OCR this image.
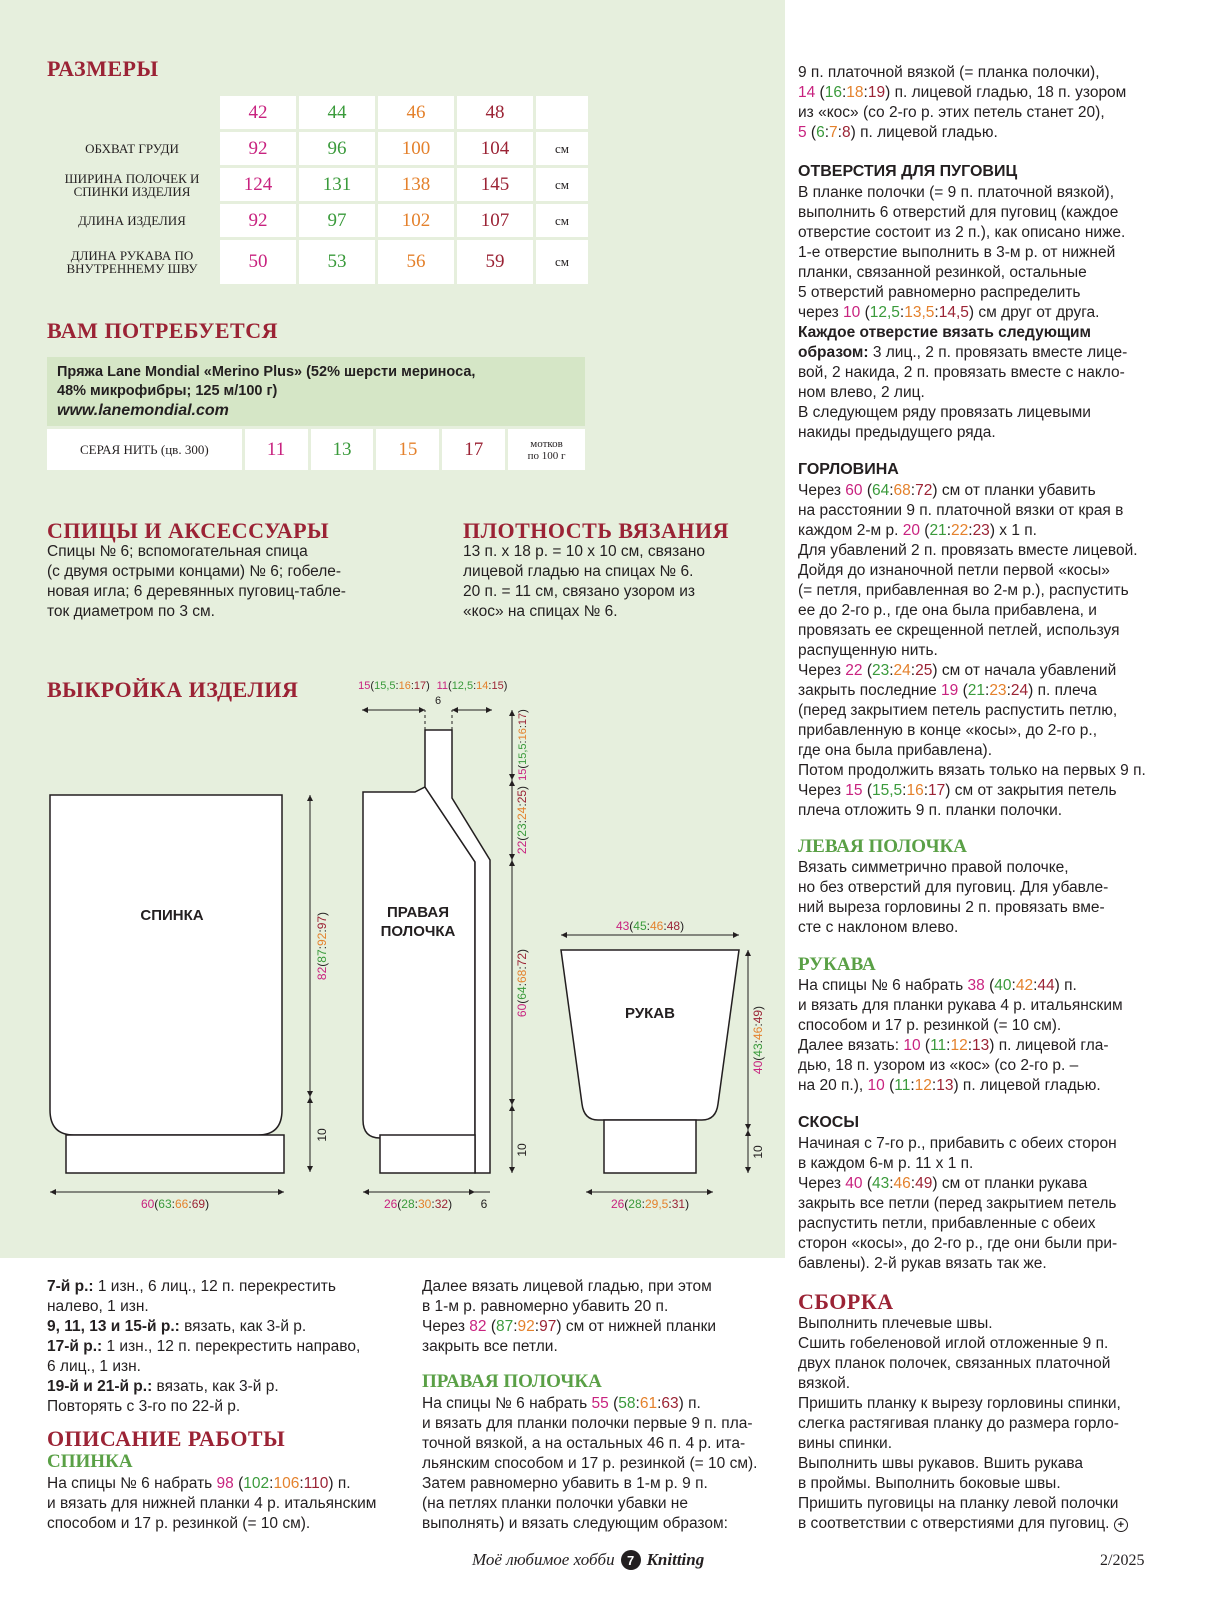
РАЗМЕРЫ
	42	44	46	48	
ОБХВАТ ГРУДИ	92	96	100	104	см
ШИРИНА ПОЛОЧЕК И СПИНКИ ИЗДЕЛИЯ	124	131	138	145	см
ДЛИНА ИЗДЕЛИЯ	92	97	102	107	см
ДЛИНА РУКАВА ПО ВНУТРЕННЕМУ ШВУ	50	53	56	59	см
ВАМ ПОТРЕБУЕТСЯ
Пряжа Lane Mondial «Merino Plus» (52% шерсти мериноса,
48% микрофибры; 125 м/100 г)
www.lanemondial.com
СЕРАЯ НИТЬ (цв. 300)	11	13	15	17	мотков
по 100 г
СПИЦЫ И АКСЕССУАРЫ
Спицы № 6; вспомогательная спица
(с двумя острыми концами) № 6; гобеле-
новая игла; 6 деревянных пуговиц-табле-
ток диаметром по 3 см.
ПЛОТНОСТЬ ВЯЗАНИЯ
13 п. х 18 р. = 10 х 10 см, связано
лицевой гладью на спицах № 6.
20 п. = 11 см, связано узором из
«кос» на спицах № 6.
ВЫКРОЙКА ИЗДЕЛИЯ
СПИНКА	ПРАВАЯ
ПОЛОЧКА
РУКАВ
60(63:66:69)
82(87:92:97)
10
26(28:30:32) 6
60(64:68:72)
22(23:24:25)
15(15,5:16:17)
10
15(15,5:16:17)
6
11(12,5:14:15)
43(45:46:48)
40(43:46:49)
10
26(28:29,5:31)
7-й р.: 1 изн., 6 лиц., 12 п. перекрестить
налево, 1 изн.
9, 11, 13 и 15-й р.: вязать, как 3-й р.
17-й р.: 1 изн., 12 п. перекрестить направо,
6 лиц., 1 изн.
19-й и 21-й р.: вязать, как 3-й р.
Повторять с 3-го по 22-й р.
ОПИСАНИЕ РАБОТЫ
СПИНКА
На спицы № 6 набрать 98 (102:106:110) п.
и вязать для нижней планки 4 р. итальянским
способом и 17 р. резинкой (= 10 см).
Далее вязать лицевой гладью, при этом
в 1-м р. равномерно убавить 20 п.
Через 82 (87:92:97) см от нижней планки
закрыть все петли.
ПРАВАЯ ПОЛОЧКА
На спицы № 6 набрать 55 (58:61:63) п.
и вязать для планки полочки первые 9 п. пла-
точной вязкой, а на остальных 46 п. 4 р. ита-
льянским способом и 17 р. резинкой (= 10 см).
Затем равномерно убавить в 1-м р. 9 п.
(на петлях планки полочки убавки не
выполнять) и вязать следующим образом:
9 п. платочной вязкой (= планка полочки),
14 (16:18:19) п. лицевой гладью, 18 п. узором
из «кос» (со 2-го р. этих петель станет 20),
5 (6:7:8) п. лицевой гладью.
ОТВЕРСТИЯ ДЛЯ ПУГОВИЦ
В планке полочки (= 9 п. платочной вязкой),
выполнить 6 отверстий для пуговиц (каждое
отверстие состоит из 2 п.), как описано ниже.
1-е отверстие выполнить в 3-м р. от нижней
планки, связанной резинкой, остальные
5 отверстий равномерно распределить
через 10 (12,5:13,5:14,5) см друг от друга.
Каждое отверстие вязать следующим
образом: 3 лиц., 2 п. провязать вместе лице-
вой, 2 накида, 2 п. провязать вместе с накло-
ном влево, 2 лиц.
В следующем ряду провязать лицевыми
накиды предыдущего ряда.
ГОРЛОВИНА
Через 60 (64:68:72) см от планки убавить
на расстоянии 9 п. платочной вязки от края в
каждом 2-м р. 20 (21:22:23) х 1 п.
Для убавлений 2 п. провязать вместе лицевой.
Дойдя до изнаночной петли первой «косы»
(= петля, прибавленная во 2-м р.), распустить
ее до 2-го р., где она была прибавлена, и
провязать ее скрещенной петлей, используя
распущенную нить.
Через 22 (23:24:25) см от начала убавлений
закрыть последние 19 (21:23:24) п. плеча
(перед закрытием петель распустить петлю,
прибавленную в конце «косы», до 2-го р.,
где она была прибавлена).
Потом продолжить вязать только на первых 9 п.
Через 15 (15,5:16:17) см от закрытия петель
плеча отложить 9 п. планки полочки.
ЛЕВАЯ ПОЛОЧКА
Вязать симметрично правой полочке,
но без отверстий для пуговиц. Для убавле-
ний выреза горловины 2 п. провязать вме-
сте с наклоном влево.
РУКАВА
На спицы № 6 набрать 38 (40:42:44) п.
и вязать для планки рукава 4 р. итальянским
способом и 17 р. резинкой (= 10 см).
Далее вязать: 10 (11:12:13) п. лицевой гла-
дью, 18 п. узором из «кос» (со 2-го р. –
на 20 п.), 10 (11:12:13) п. лицевой гладью.
СКОСЫ
Начиная с 7-го р., прибавить с обеих сторон
в каждом 6-м р. 11 х 1 п.
Через 40 (43:46:49) см от планки рукава
закрыть все петли (перед закрытием петель
распустить петли, прибавленные с обеих
сторон «косы», до 2-го р., где они были при-
бавлены). 2-й рукав вязать так же.
СБОРКА
Выполнить плечевые швы.
Сшить гобеленовой иглой отложенные 9 п.
двух планок полочек, связанных платочной
вязкой.
Пришить планку к вырезу горловины спинки,
слегка растягивая планку до размера горло-
вины спинки.
Выполнить швы рукавов. Вшить рукава
в проймы. Выполнить боковые швы.
Пришить пуговицы на планку левой полочки
в соответствии с отверстиями для пуговиц. +
Моё любимое хобби 7 Knitting	2/2025
